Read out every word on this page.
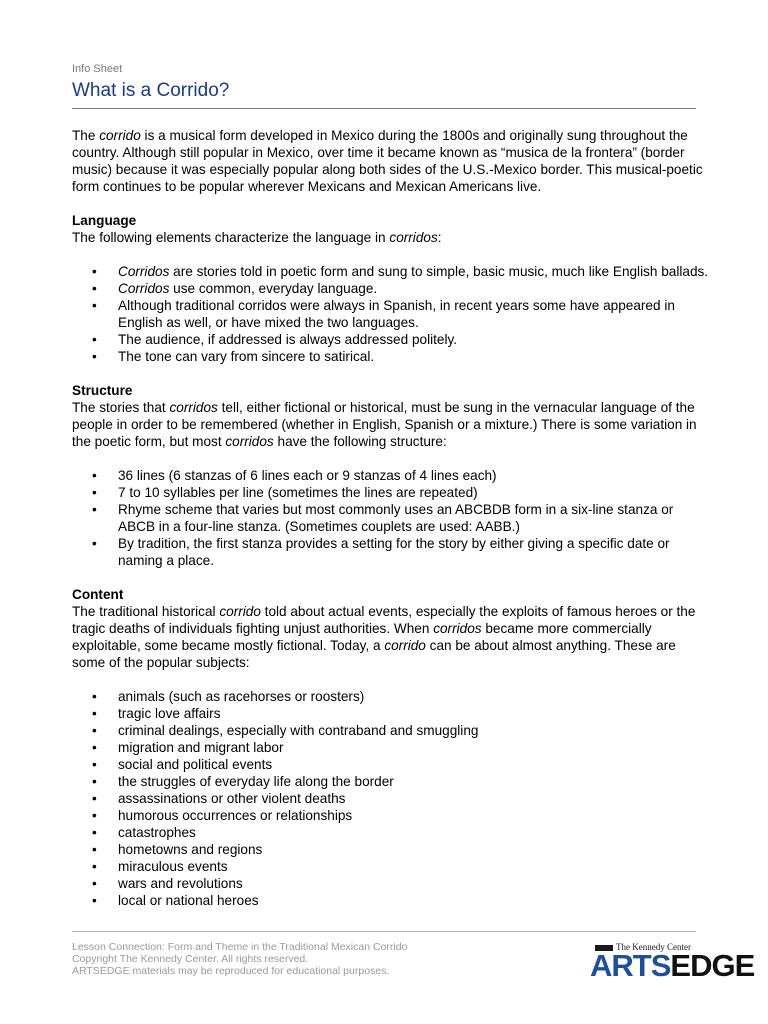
Info Sheet
What is a Corrido?

The corrido is a musical form developed in Mexico during the 1800s and originally sung throughout the

country. Although still popular in Mexico, over time it became known as “musica de la frontera” (border

music) because it was especially popular along both sides of the U.S.-Mexico border. This musical-poetic

form continues to be popular wherever Mexicans and Mexican Americans live.

Language

The following elements characterize the language in corridos:

• Corridos are stories told in poetic form and sung to simple, basic music, much like English ballads.
• Corridos use common, everyday language.
• Although traditional corridos were always in Spanish, in recent years some have appeared in
English as well, or have mixed the two languages.
• The audience, if addressed is always addressed politely.
• The tone can vary from sincere to satirical.

Structure

The stories that corridos tell, either fictional or historical, must be sung in the vernacular language of the

people in order to be remembered (whether in English, Spanish or a mixture.) There is some variation in

the poetic form, but most corridos have the following structure:

• 36 lines (6 stanzas of 6 lines each or 9 stanzas of 4 lines each)
• 7 to 10 syllables per line (sometimes the lines are repeated)
• Rhyme scheme that varies but most commonly uses an ABCBDB form in a six-line stanza or
ABCB in a four-line stanza. (Sometimes couplets are used: AABB.)
• By tradition, the first stanza provides a setting for the story by either giving a specific date or
naming a place.

Content

The traditional historical corrido told about actual events, especially the exploits of famous heroes or the

tragic deaths of individuals fighting unjust authorities. When corridos became more commercially

exploitable, some became mostly fictional. Today, a corrido can be about almost anything. These are

some of the popular subjects:

• animals (such as racehorses or roosters)
• tragic love affairs
• criminal dealings, especially with contraband and smuggling
• migration and migrant labor
• social and political events
• the struggles of everyday life along the border
• assassinations or other violent deaths
• humorous occurrences or relationships
• catastrophes
• hometowns and regions
• miraculous events
• wars and revolutions
• local or national heroes
Lesson Connection: Form and Theme in the Traditional Mexican Corrido
Copyright The Kennedy Center. All rights reserved.
ARTSEDGE materials may be reproduced for educational purposes.
The Kennedy Center
ARTSEDGE
